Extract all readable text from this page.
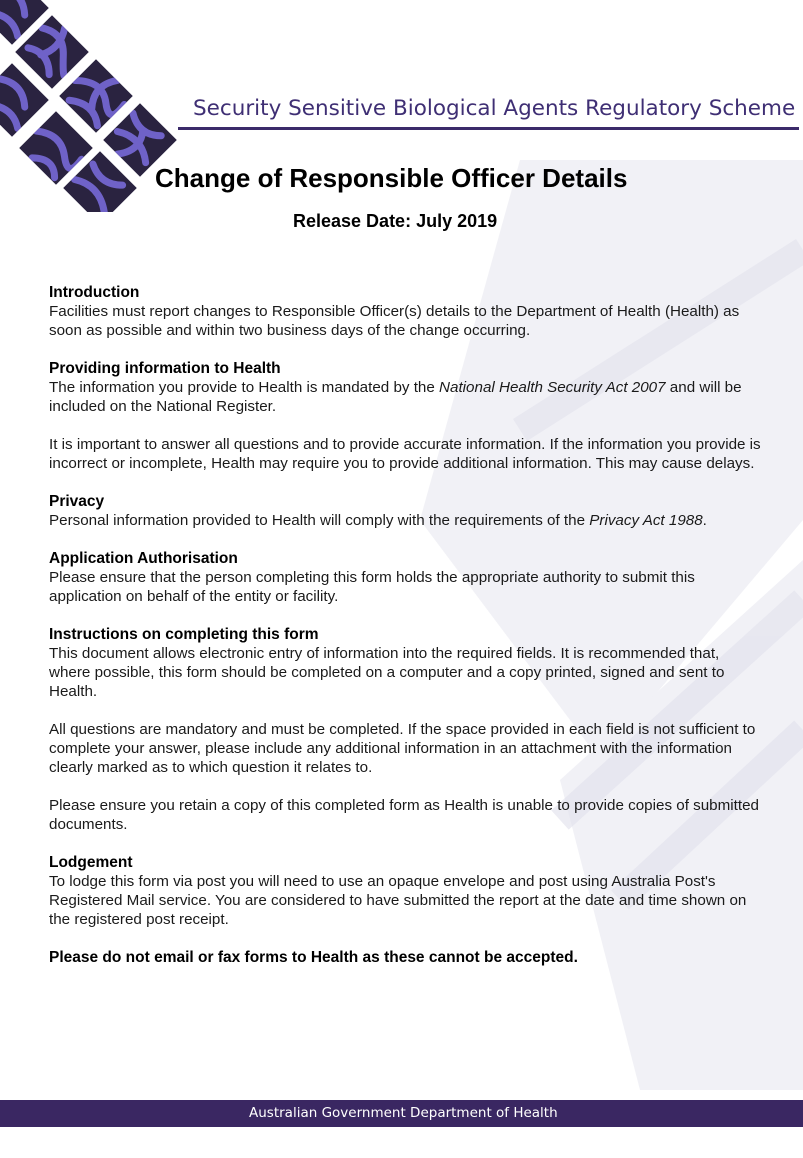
Security Sensitive Biological Agents Regulatory Scheme
Change of Responsible Officer Details
Release Date: July 2019
Introduction
Facilities must report changes to Responsible Officer(s) details to the Department of Health (Health) as soon as possible and within two business days of the change occurring.
Providing information to Health
The information you provide to Health is mandated by the National Health Security Act 2007 and will be included on the National Register.
It is important to answer all questions and to provide accurate information. If the information you provide is incorrect or incomplete, Health may require you to provide additional information. This may cause delays.
Privacy
Personal information provided to Health will comply with the requirements of the Privacy Act 1988.
Application Authorisation
Please ensure that the person completing this form holds the appropriate authority to submit this application on behalf of the entity or facility.
Instructions on completing this form
This document allows electronic entry of information into the required fields. It is recommended that, where possible, this form should be completed on a computer and a copy printed, signed and sent to Health.
All questions are mandatory and must be completed. If the space provided in each field is not sufficient to complete your answer, please include any additional information in an attachment with the information clearly marked as to which question it relates to.
Please ensure you retain a copy of this completed form as Health is unable to provide copies of submitted documents.
Lodgement
To lodge this form via post you will need to use an opaque envelope and post using Australia Post's Registered Mail service. You are considered to have submitted the report at the date and time shown on the registered post receipt.
Please do not email or fax forms to Health as these cannot be accepted.
Australian Government Department of Health
